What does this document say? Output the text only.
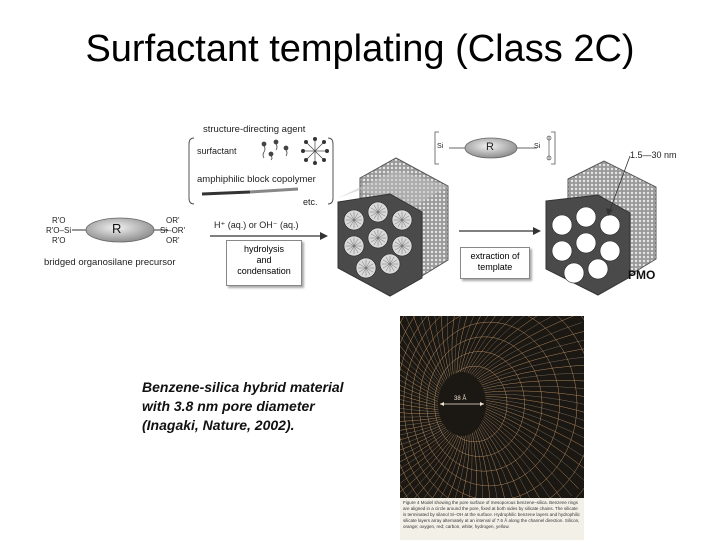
Surfactant templating (Class 2C)
structure-directing agent
surfactant
amphiphilic block copolymer
etc.
R'O
R'O–Si
R'O
R
OR'
Si–OR'
OR'
bridged organosilane precursor
H⁺ (aq.) or OH⁻ (aq.)
hydrolysis
and
condensation
extraction of
template
Si	R	Si
1.5—30 nm
PMO
Benzene-silica hybrid material
with 3.8 nm pore diameter
(Inagaki, Nature, 2002).
38 Å
Figure 4 Model showing the pore surface of mesoporous benzene–silica. Benzene rings are aligned in a circle around the pore, fixed at both sides by silicate chains. The silicate is terminated by silanol Si–OH at the surface. Hydrophilic benzene layers and hydrophilic silicate layers array alternately at an interval of 7.6 Å along the channel direction. Silicon, orange; oxygen, red; carbon, white; hydrogen, yellow.
